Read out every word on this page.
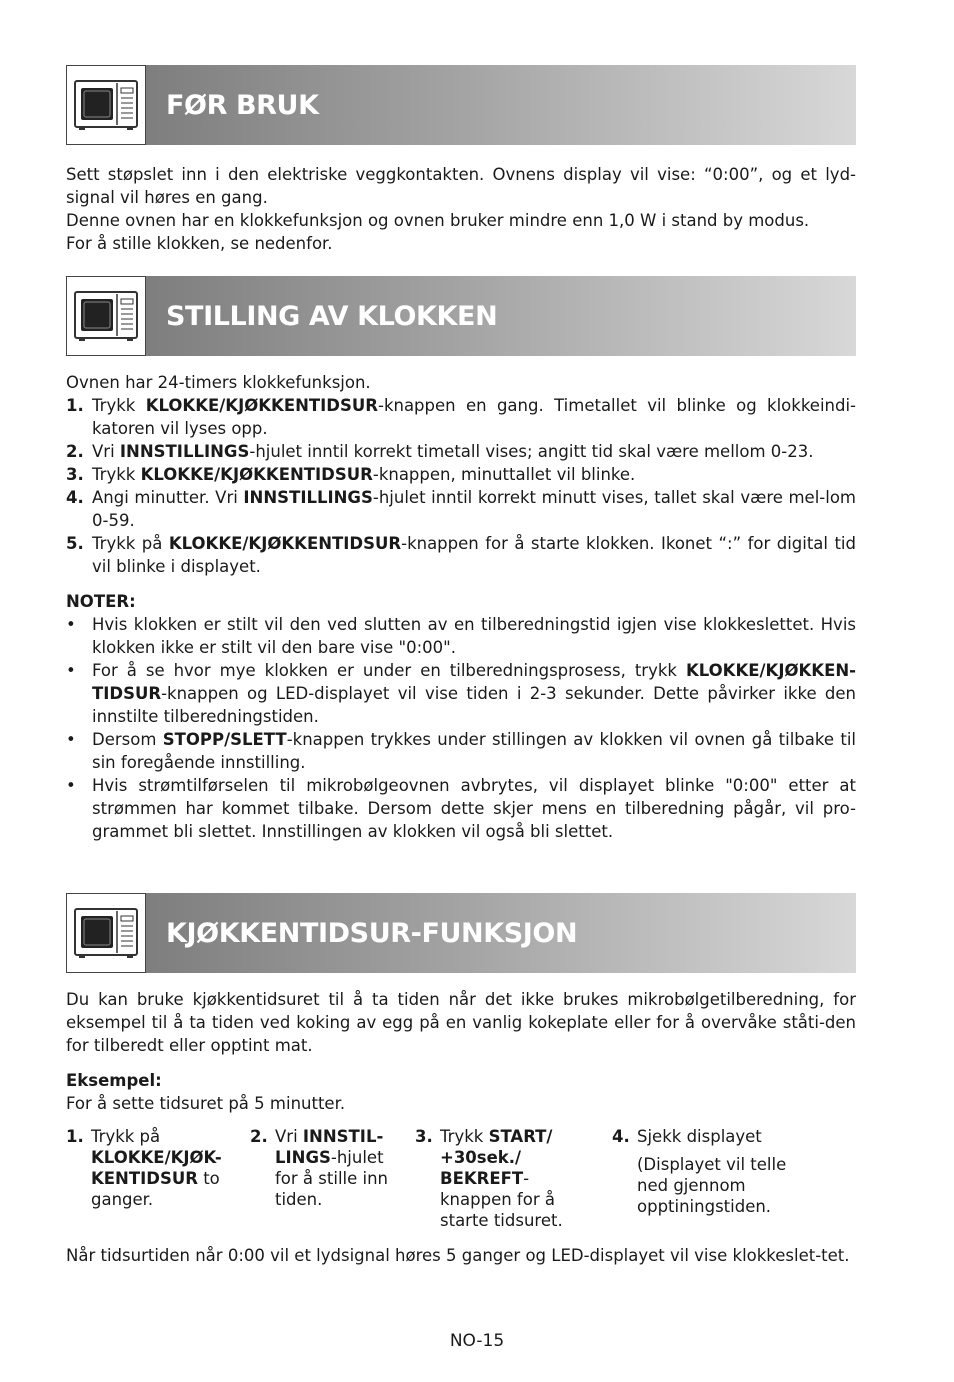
FØR BRUK

Sett støpslet inn i den elektriske veggkontakten. Ovnens display vil vise: “0:00”, og et lyd-signal vil høres en gang.

Denne ovnen har en klokkefunksjon og ovnen bruker mindre enn 1,0 W i stand by modus.

For å stille klokken, se nedenfor.

STILLING AV KLOKKEN

Ovnen har 24-timers klokkefunksjon.

1. Trykk KLOKKE/KJØKKENTIDSUR-knappen en gang. Timetallet vil blinke og klokkeindi-katoren vil lyses opp.
2. Vri INNSTILLINGS-hjulet inntil korrekt timetall vises; angitt tid skal være mellom 0-23.
3. Trykk KLOKKE/KJØKKENTIDSUR-knappen, minuttallet vil blinke.
4. Angi minutter. Vri INNSTILLINGS-hjulet inntil korrekt minutt vises, tallet skal være mel-lom 0-59.
5. Trykk på KLOKKE/KJØKKENTIDSUR-knappen for å starte klokken. Ikonet “:” for digital tid vil blinke i displayet.

NOTER:

• Hvis klokken er stilt vil den ved slutten av en tilberedningstid igjen vise klokkeslettet. Hvis klokken ikke er stilt vil den bare vise "0:00".
• For å se hvor mye klokken er under en tilberedningsprosess, trykk KLOKKE/KJØKKEN-TIDSUR-knappen og LED-displayet vil vise tiden i 2-3 sekunder. Dette påvirker ikke den innstilte tilberedningstiden.
• Dersom STOPP/SLETT-knappen trykkes under stillingen av klokken vil ovnen gå tilbake til sin foregående innstilling.
• Hvis strømtilførselen til mikrobølgeovnen avbrytes, vil displayet blinke "0:00" etter at strømmen har kommet tilbake. Dersom dette skjer mens en tilberedning pågår, vil pro-grammet bli slettet. Innstillingen av klokken vil også bli slettet.
KJØKKENTIDSUR-FUNKSJON

Du kan bruke kjøkkentidsuret til å ta tiden når det ikke brukes mikrobølgetilberedning, for eksempel til å ta tiden ved koking av egg på en vanlig kokeplate eller for å overvåke ståti-den for tilberedt eller opptint mat.

Eksempel:

For å sette tidsuret på 5 minutter.

1. Trykk på
KLOKKE/KJØK-
KENTIDSUR to
ganger.
2. Vri INNSTIL-
LINGS-hjulet
for å stille inn
tiden.
3. Trykk START/
+30sek./
BEKREFT-
knappen for å
starte tidsuret.
4. Sjekk displayet
(Displayet vil telle
ned gjennom
opptiningstiden.

Når tidsurtiden når 0:00 vil et lydsignal høres 5 ganger og LED-displayet vil vise klokkeslet-tet.

NO-15
